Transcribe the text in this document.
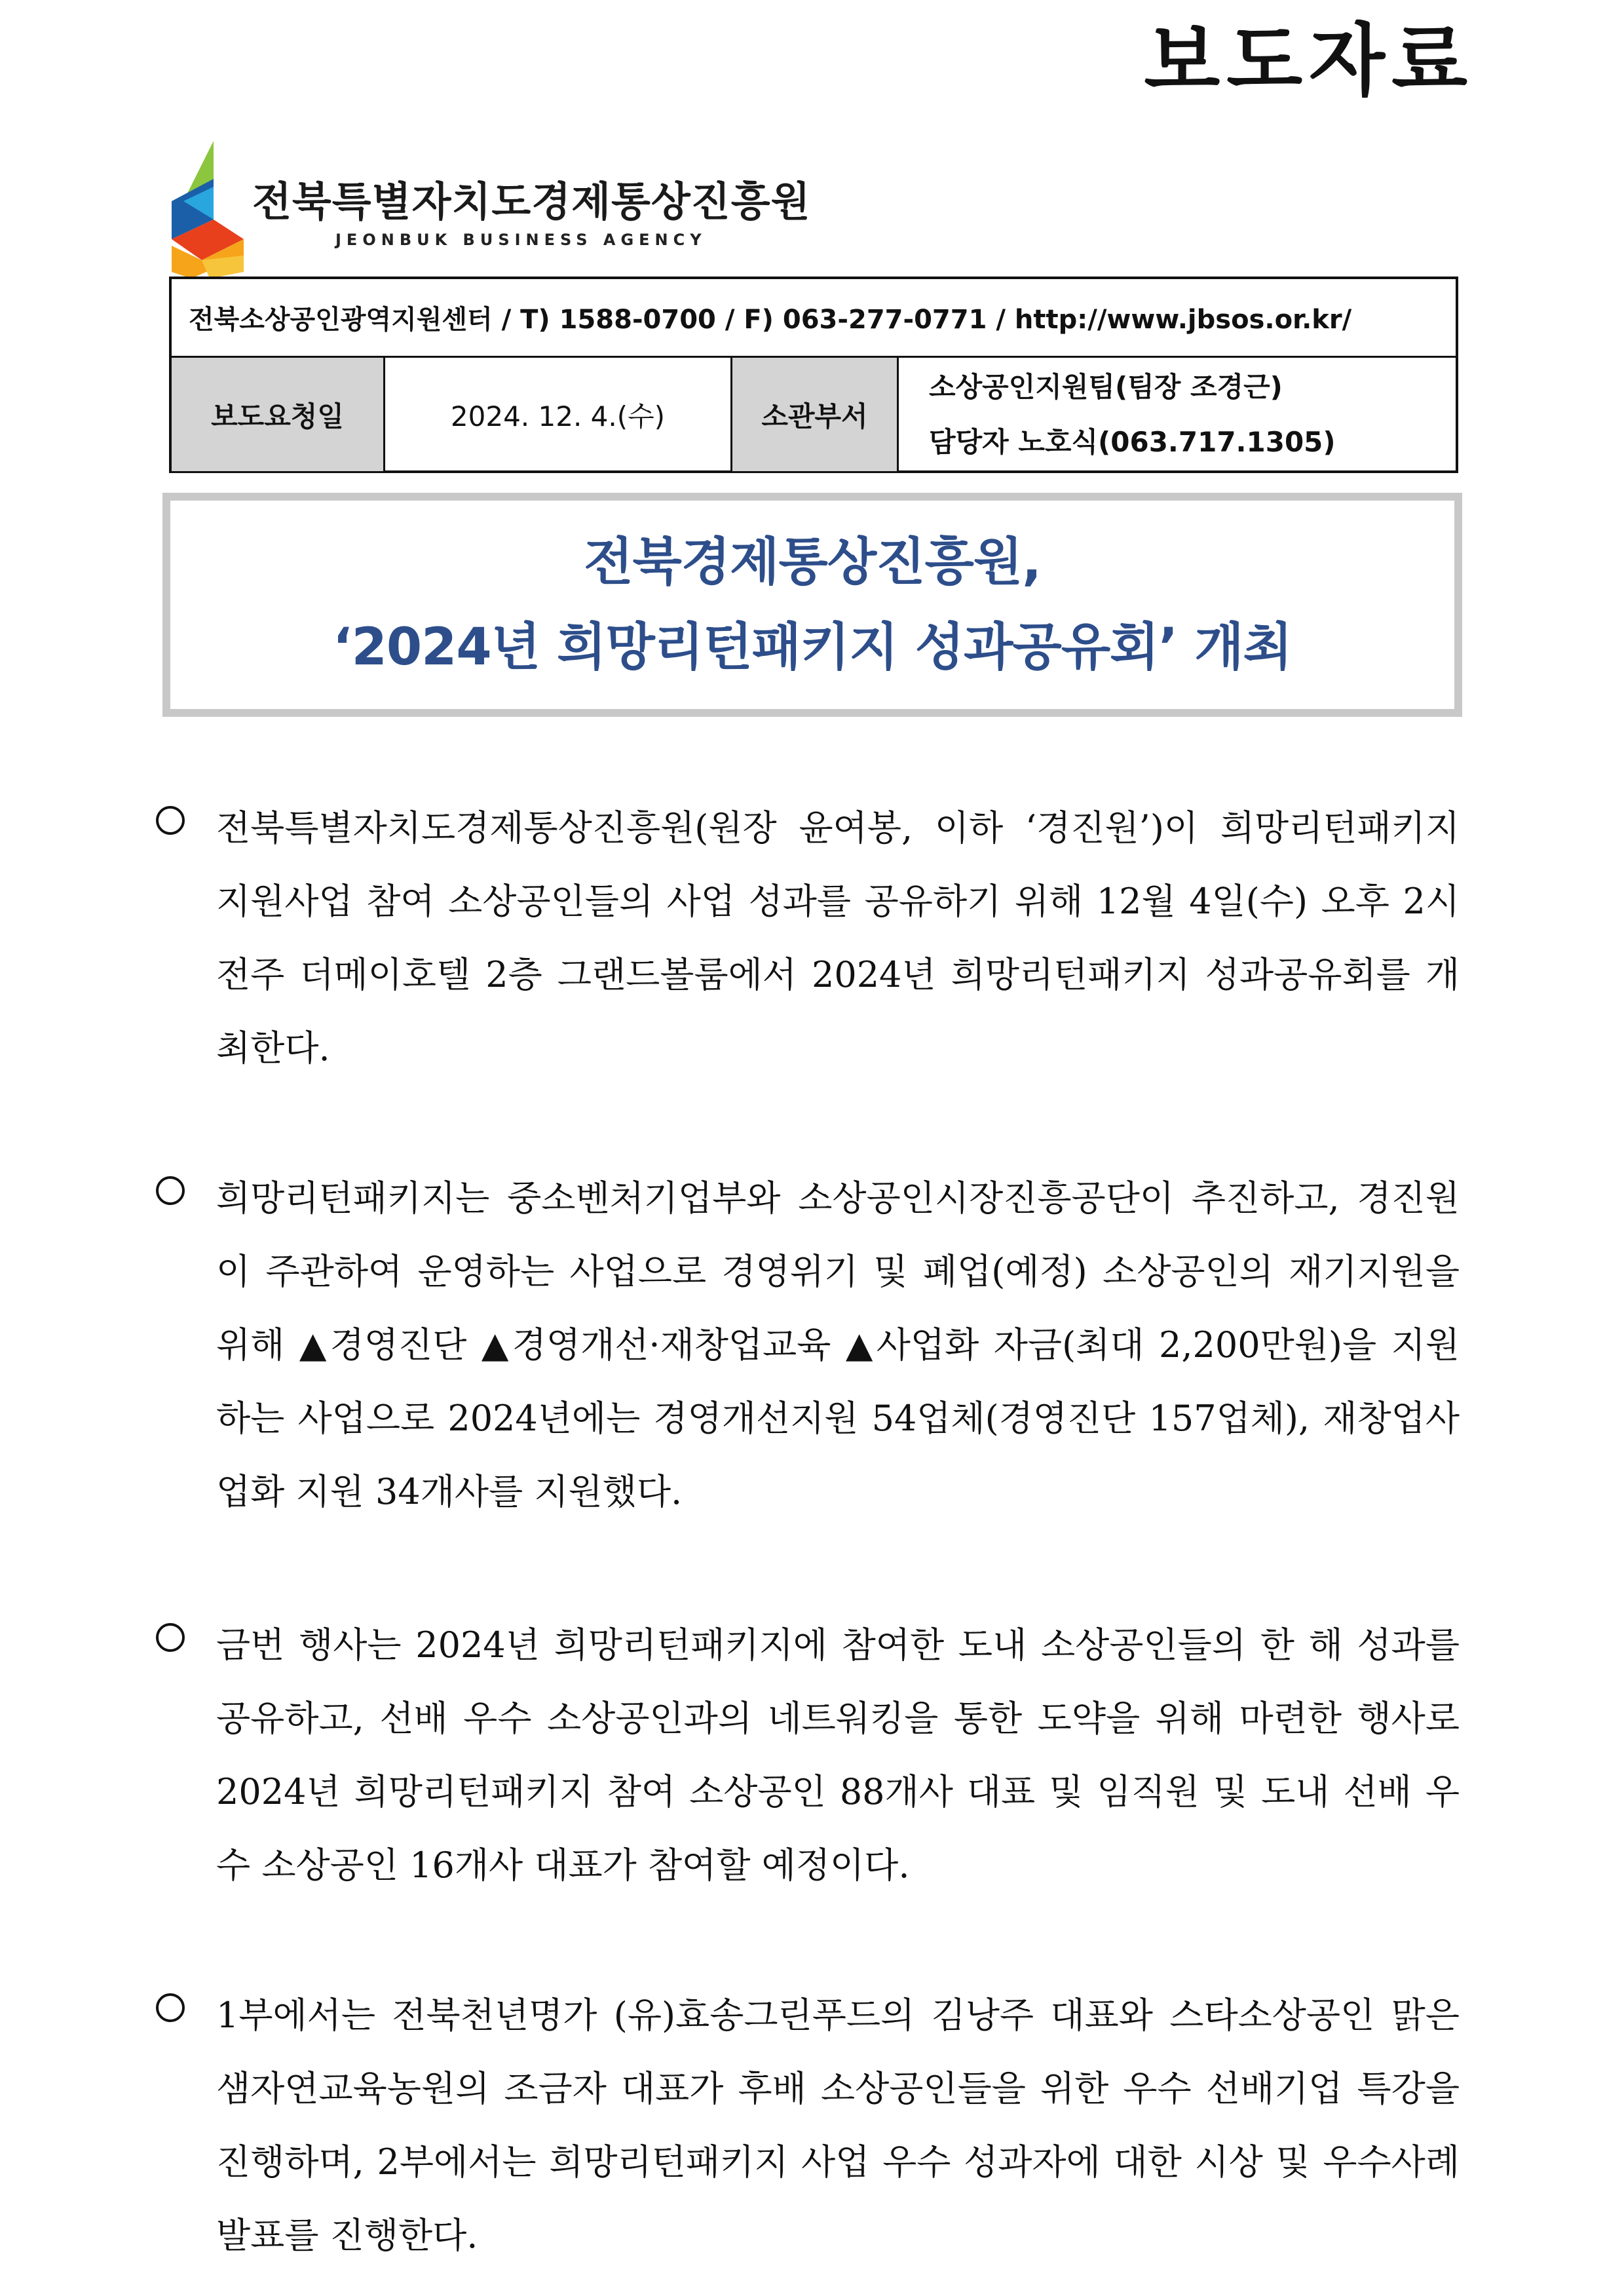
보도자료
전북특별자치도경제통상진흥원
JEONBUK BUSINESS AGENCY
전북소상공인광역지원센터 / T) 1588-0700 / F) 063-277-0771 / http://www.jbsos.or.kr/
보도요청일	2024. 12. 4.(수)	소관부서
소상공인지원팀(팀장 조경근)
담당자 노호식(063.717.1305)
전북경제통상진흥원,
‘2024년 희망리턴패키지 성과공유회’ 개최
전북특별자치도경제통상진흥원(원장 윤여봉, 이하 ‘경진원’)이 희망리턴패키지 지원사업 참여 소상공인들의 사업 성과를 공유하기 위해 12월 4일(수) 오후 2시 전주 더메이호텔 2층 그랜드볼룸에서 2024년 희망리턴패키지 성과공유회를 개최한다.
희망리턴패키지는 중소벤처기업부와 소상공인시장진흥공단이 추진하고, 경진원이 주관하여 운영하는 사업으로 경영위기 및 폐업(예정) 소상공인의 재기지원을 위해 ▲경영진단 ▲경영개선·재창업교육 ▲사업화 자금(최대 2,200만원)을 지원하는 사업으로 2024년에는 경영개선지원 54업체(경영진단 157업체), 재창업사업화 지원 34개사를 지원했다.
금번 행사는 2024년 희망리턴패키지에 참여한 도내 소상공인들의 한 해 성과를 공유하고, 선배 우수 소상공인과의 네트워킹을 통한 도약을 위해 마련한 행사로 2024년 희망리턴패키지 참여 소상공인 88개사 대표 및 임직원 및 도내 선배 우수 소상공인 16개사 대표가 참여할 예정이다.
1부에서는 전북천년명가 (유)효송그린푸드의 김낭주 대표와 스타소상공인 맑은샘자연교육농원의 조금자 대표가 후배 소상공인들을 위한 우수 선배기업 특강을 진행하며, 2부에서는 희망리턴패키지 사업 우수 성과자에 대한 시상 및 우수사례 발표를 진행한다.
